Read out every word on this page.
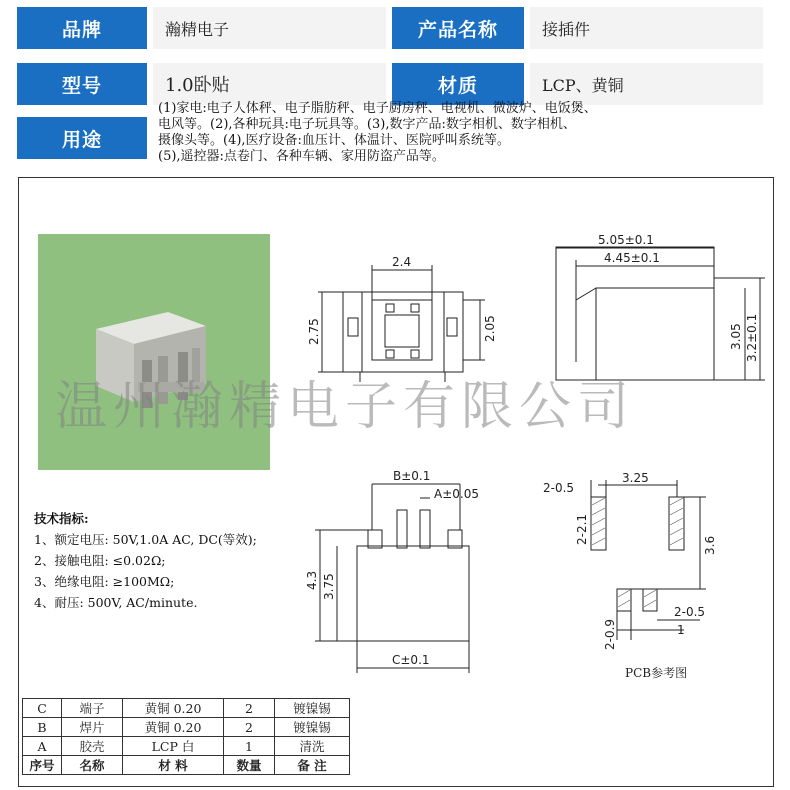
品牌	瀚精电子	产品名称	接插件
型号	1.0卧贴	材质	LCP、黄铜
用途
(1)家电:电子人体秤、电子脂肪秤、电子厨房秤、电视机、微波炉、电饭煲、
电风等。(2),各种玩具:电子玩具等。(3),数字产品:数字相机、数字相机、
摄像头等。(4),医疗设备:血压计、体温计、医院呼叫系统等。
(5),遥控器:点卷门、各种车辆、家用防盗产品等。
2.4
2.75	2.05
5.05±0.1
4.45±0.1
3.05 3.2±0.1
B±0.1
A±0.05
4.3 3.75
C±0.1
2-0.5
3.25
2-2.1
3.6
2-0.5
2-0.9	1
PCB参考图
温州瀚精电子有限公司
技术指标:
1、额定电压: 50V,1.0A AC, DC(等效);
2、接触电阻: ≤0.02Ω;
3、绝缘电阻: ≥100MΩ;
4、耐压: 500V, AC/minute.
C	端子	黄铜 0.20	2	镀镍锡
B	焊片	黄铜 0.20	2	镀镍锡
A	胶壳	LCP 白	1	清洗
序号	名称	材 料	数量	备 注
